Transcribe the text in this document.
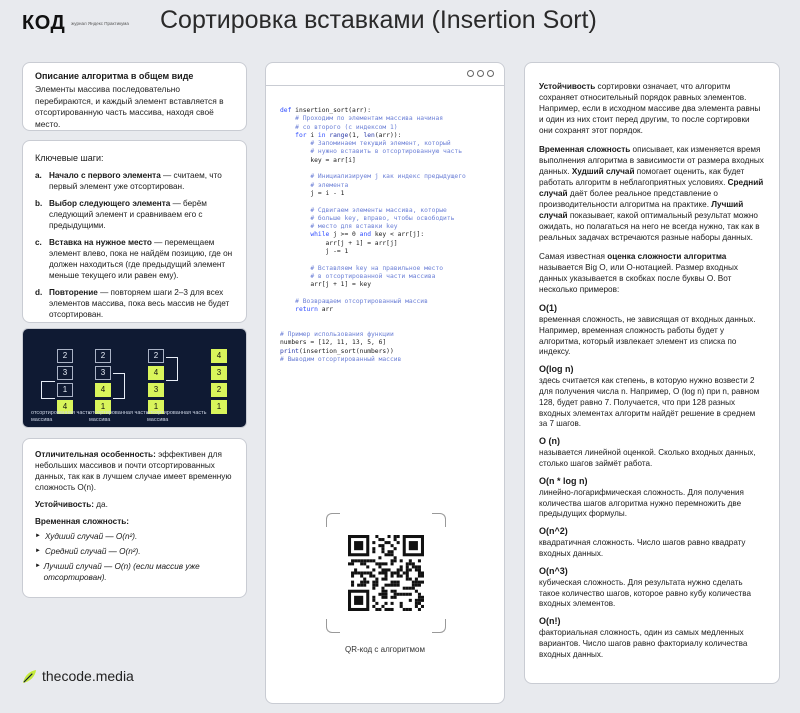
КОД журнал Яндекс Практикума Сортировка вставками (Insertion Sort)
Описание алгоритма в общем виде
Элементы массива последовательно перебираются, и каждый элемент вставляется в отсортированную часть массива, находя своё место.
Ключевые шаги:
a. Начало с первого элемента — считаем, что первый элемент уже отсортирован.
b. Выбор следующего элемента — берём следующий элемент и сравниваем его с предыдущими.
c. Вставка на нужное место — перемещаем элемент влево, пока не найдём позицию, где он должен находиться (где предыдущий элемент меньше текущего или равен ему).
d. Повторение — повторяем шаги 2–3 для всех элементов массива, пока весь массив не будет отсортирован.
2
3
1
4
2
3
4
1
2
4
3
1
4
3
2
1
отсортированная часть массива
отсортированная часть массива
отсортированная часть массива
Отличительная особенность: эффективен для небольших массивов и почти отсортированных данных, так как в лучшем случае имеет временную сложность O(n).
Устойчивость: да.
Временная сложность:
► Худший случай — O(n²).
► Средний случай — O(n²).
► Лучший случай — O(n) (если массив уже отсортирован).
thecode.media
def insertion_sort(arr):
# Проходим по элементам массива начиная
# со второго (с индексом 1)
for i in range(1, len(arr)):
# Запоминаем текущий элемент, который
# нужно вставить в отсортированную часть
key = arr[i]
# Инициализируем j как индекс предыдущего
# элемента
j = i - 1
# Сдвигаем элементы массива, которые
# больше key, вправо, чтобы освободить
# место для вставки key
while j >= 0 and key < arr[j]:
arr[j + 1] = arr[j]
j -= 1
# Вставляем key на правильное место
# в отсортированной части массива
arr[j + 1] = key
# Возвращаем отсортированный массив
return arr
# Пример использования функции
numbers = [12, 11, 13, 5, 6]
print(insertion_sort(numbers))
# Выводим отсортированный массив
QR-код с алгоритмом

Устойчивость сортировки означает, что алгоритм сохраняет относительный порядок равных элементов. Например, если в исходном массиве два элемента равны и один из них стоит перед другим, то после сортировки они сохранят этот порядок.

Временная сложность описывает, как изменяется время выполнения алгоритма в зависимости от размера входных данных. Худший случай помогает оценить, как будет работать алгоритм в неблагоприятных условиях. Средний случай даёт более реальное представление о производительности алгоритма на практике. Лучший случай показывает, какой оптимальный результат можно ожидать, но полагаться на него не всегда нужно, так как в реальных задачах встречаются разные наборы данных.

Самая известная оценка сложности алгоритма называется Big O, или O-нотацией. Размер входных данных указывается в скобках после буквы O. Вот несколько примеров:

O(1)
временная сложность, не зависящая от входных данных. Например, временная сложность работы будет у алгоритма, который извлекает элемент из списка по индексу.
O(log n)
здесь считается как степень, в которую нужно возвести 2 для получения числа n. Например, O (log n) при n, равном 128, будет равно 7. Получается, что при 128 разных входных элементах алгоритм найдёт решение в среднем за 7 шагов.
O (n)
называется линейной оценкой. Сколько входных данных, столько шагов займёт работа.
O(n * log n)
линейно-логарифмическая сложность. Для получения количества шагов алгоритма нужно перемножить две предыдущих формулы.
O(n^2)
квадратичная сложность. Число шагов равно квадрату входных данных.
O(n^3)
кубическая сложность. Для результата нужно сделать такое количество шагов, которое равно кубу количества входных элементов.
O(n!)
факториальная сложность, один из самых медленных вариантов. Число шагов равно факториалу количества входных данных.
